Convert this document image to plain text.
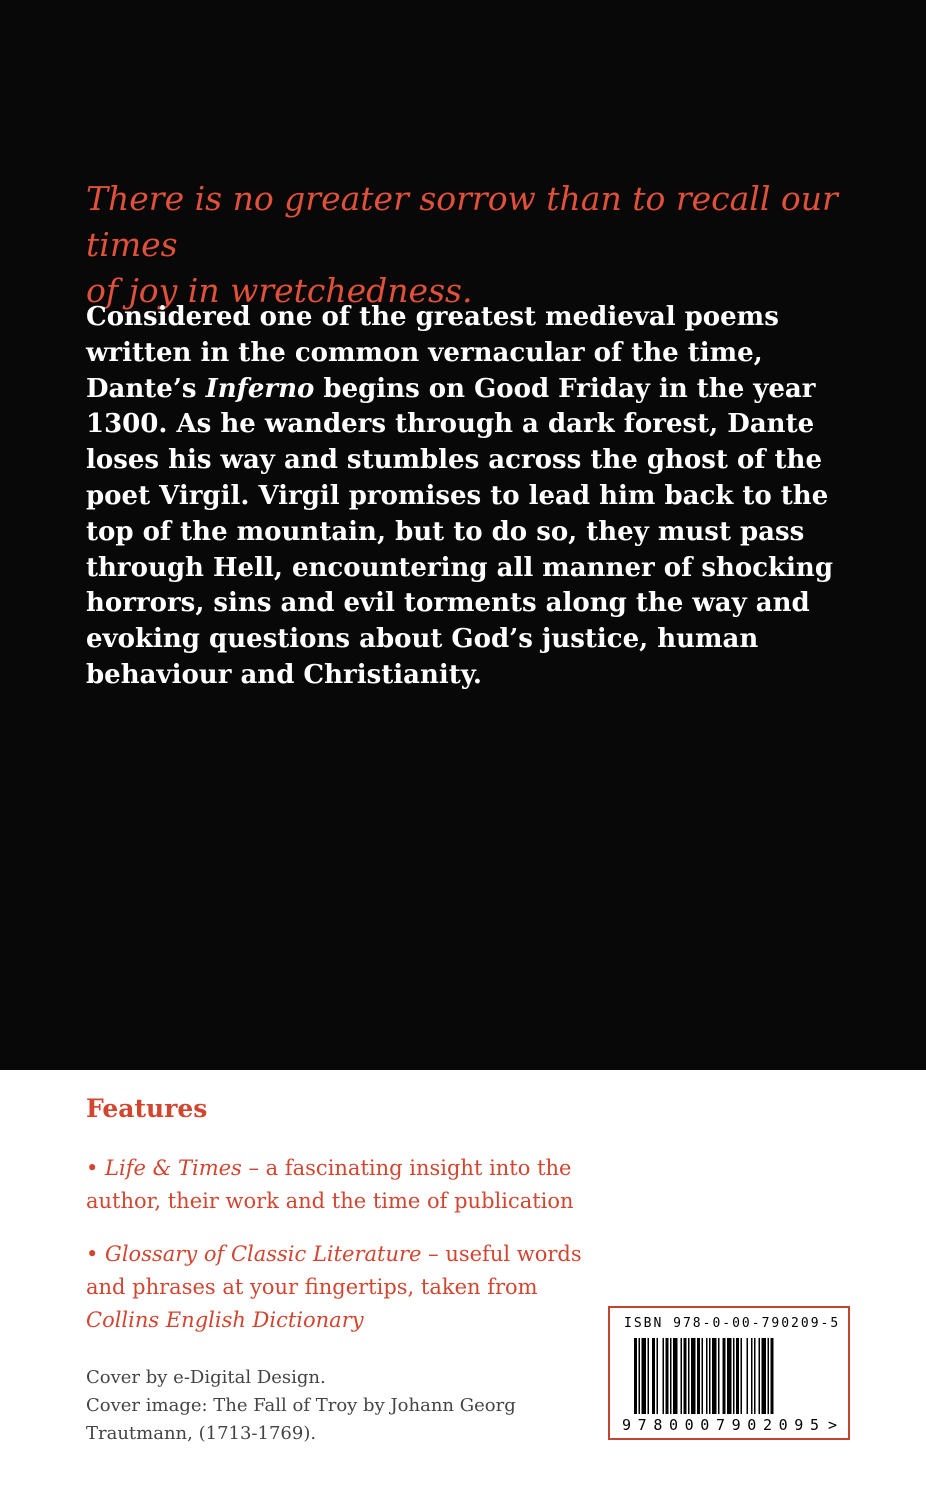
There is no greater sorrow than to recall our times
of joy in wretchedness.

Considered one of the greatest medieval poems written in the common vernacular of the time, Dante’s Inferno begins on Good Friday in the year 1300. As he wanders through a dark forest, Dante loses his way and stumbles across the ghost of the poet Virgil. Virgil promises to lead him back to the top of the mountain, but to do so, they must pass through Hell, encountering all manner of shocking horrors, sins and evil torments along the way and evoking questions about God’s justice, human behaviour and Christianity.

Features

• Life & Times – a fascinating insight into the author, their work and the time of publication

• Glossary of Classic Literature – useful words and phrases at your fingertips, taken from Collins English Dictionary

Cover by e-Digital Design.
Cover image: The Fall of Troy by Johann Georg
Trautmann, (1713-1769).
ISBN 978-0-00-790209-5
9 7 8 0 0 0 7 9 0 2 0 9 5 >
